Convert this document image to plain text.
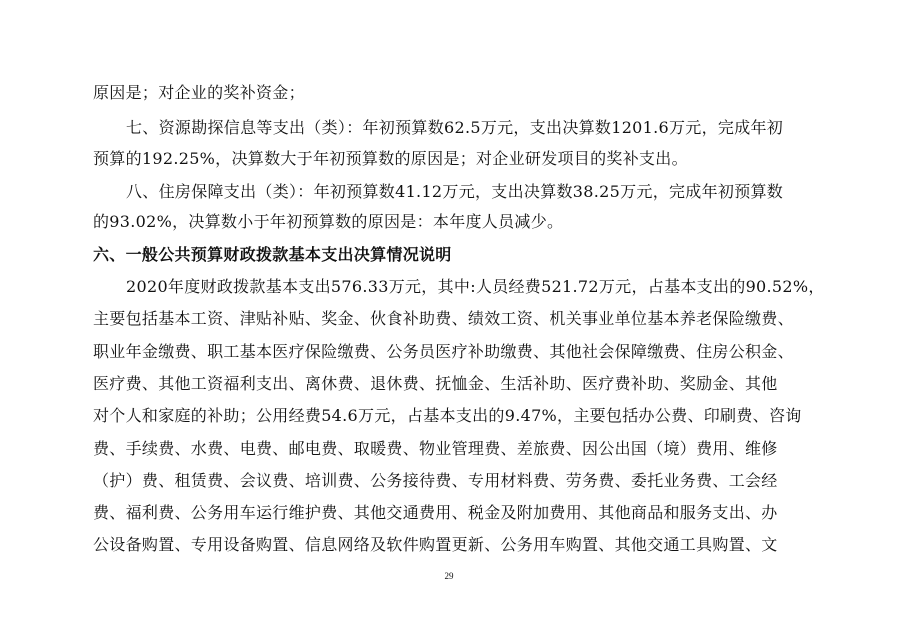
原因是；对企业的奖补资金；
七、资源勘探信息等支出（类）：年初预算数62.5万元，支出决算数1201.6万元，完成年初
预算的192.25%，决算数大于年初预算数的原因是；对企业研发项目的奖补支出。
八、住房保障支出（类）：年初预算数41.12万元，支出决算数38.25万元，完成年初预算数
的93.02%，决算数小于年初预算数的原因是：本年度人员减少。
六、一般公共预算财政拨款基本支出决算情况说明
2020年度财政拨款基本支出576.33万元，其中:人员经费521.72万元，占基本支出的90.52%，
主要包括基本工资、津贴补贴、奖金、伙食补助费、绩效工资、机关事业单位基本养老保险缴费、
职业年金缴费、职工基本医疗保险缴费、公务员医疗补助缴费、其他社会保障缴费、住房公积金、
医疗费、其他工资福利支出、离休费、退休费、抚恤金、生活补助、医疗费补助、奖励金、其他
对个人和家庭的补助；公用经费54.6万元，占基本支出的9.47%，主要包括办公费、印刷费、咨询
费、手续费、水费、电费、邮电费、取暖费、物业管理费、差旅费、因公出国（境）费用、维修
（护）费、租赁费、会议费、培训费、公务接待费、专用材料费、劳务费、委托业务费、工会经
费、福利费、公务用车运行维护费、其他交通费用、税金及附加费用、其他商品和服务支出、办
公设备购置、专用设备购置、信息网络及软件购置更新、公务用车购置、其他交通工具购置、文
29
